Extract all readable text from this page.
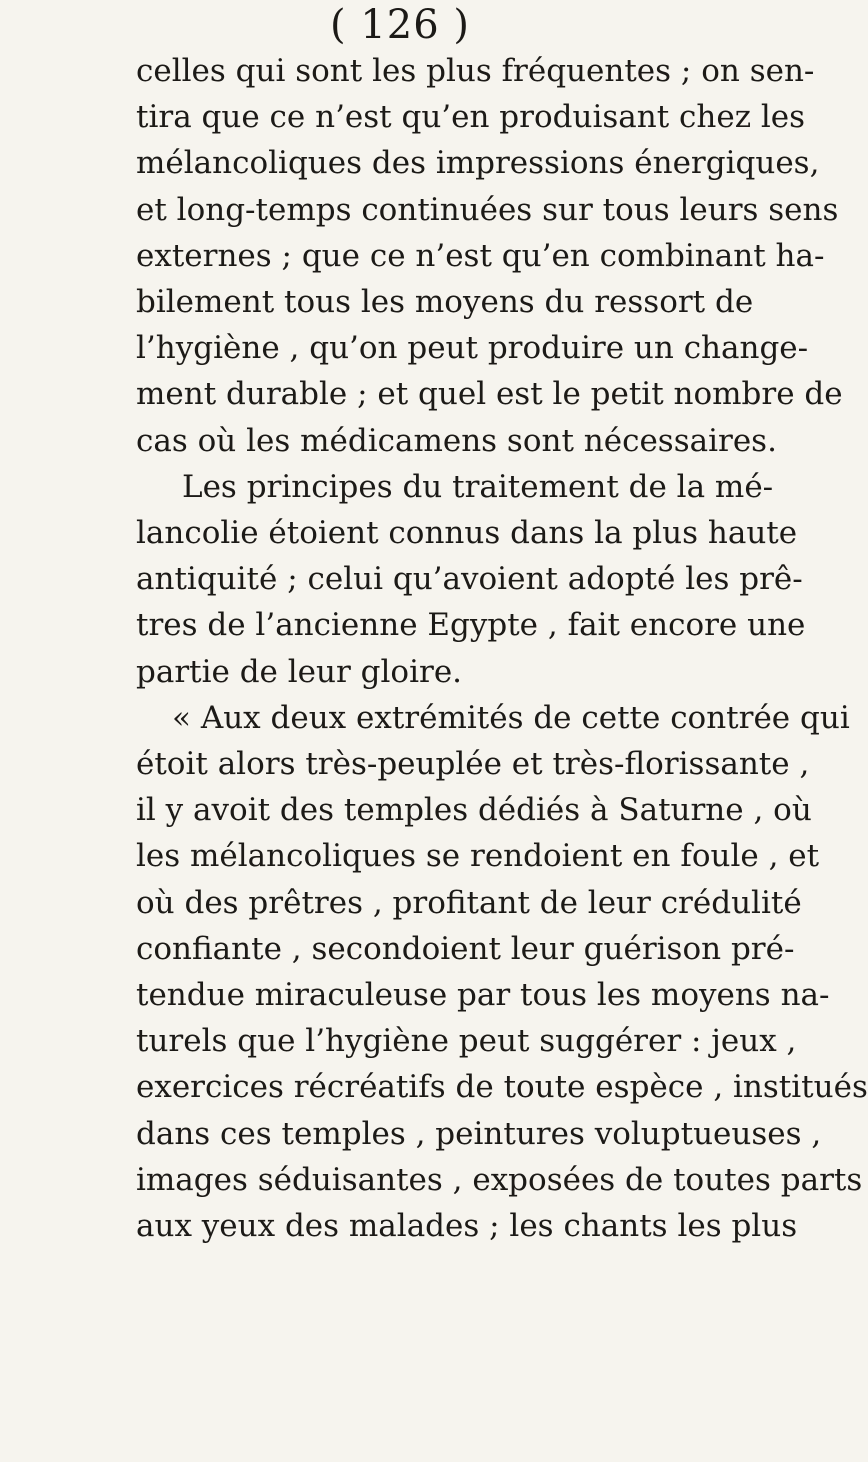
( 126 )
celles qui sont les plus fréquentes ; on sen-
tira que ce n’est qu’en produisant chez les
mélancoliques des impressions énergiques,
et long-temps continuées sur tous leurs sens
externes ; que ce n’est qu’en combinant ha-
bilement tous les moyens du ressort de
l’hygiène , qu’on peut produire un change-
ment durable ; et quel est le petit nombre de
cas où les médicamens sont nécessaires.
Les principes du traitement de la mé-
lancolie étoient connus dans la plus haute
antiquité ; celui qu’avoient adopté les prê-
tres de l’ancienne Egypte , fait encore une
partie de leur gloire.
« Aux deux extrémités de cette contrée qui
étoit alors très-peuplée et très-florissante ,
il y avoit des temples dédiés à Saturne , où
les mélancoliques se rendoient en foule , et
où des prêtres , profitant de leur crédulité
confiante , secondoient leur guérison pré-
tendue miraculeuse par tous les moyens na-
turels que l’hygiène peut suggérer : jeux ,
exercices récréatifs de toute espèce , institués
dans ces temples , peintures voluptueuses ,
images séduisantes , exposées de toutes parts
aux yeux des malades ; les chants les plus
